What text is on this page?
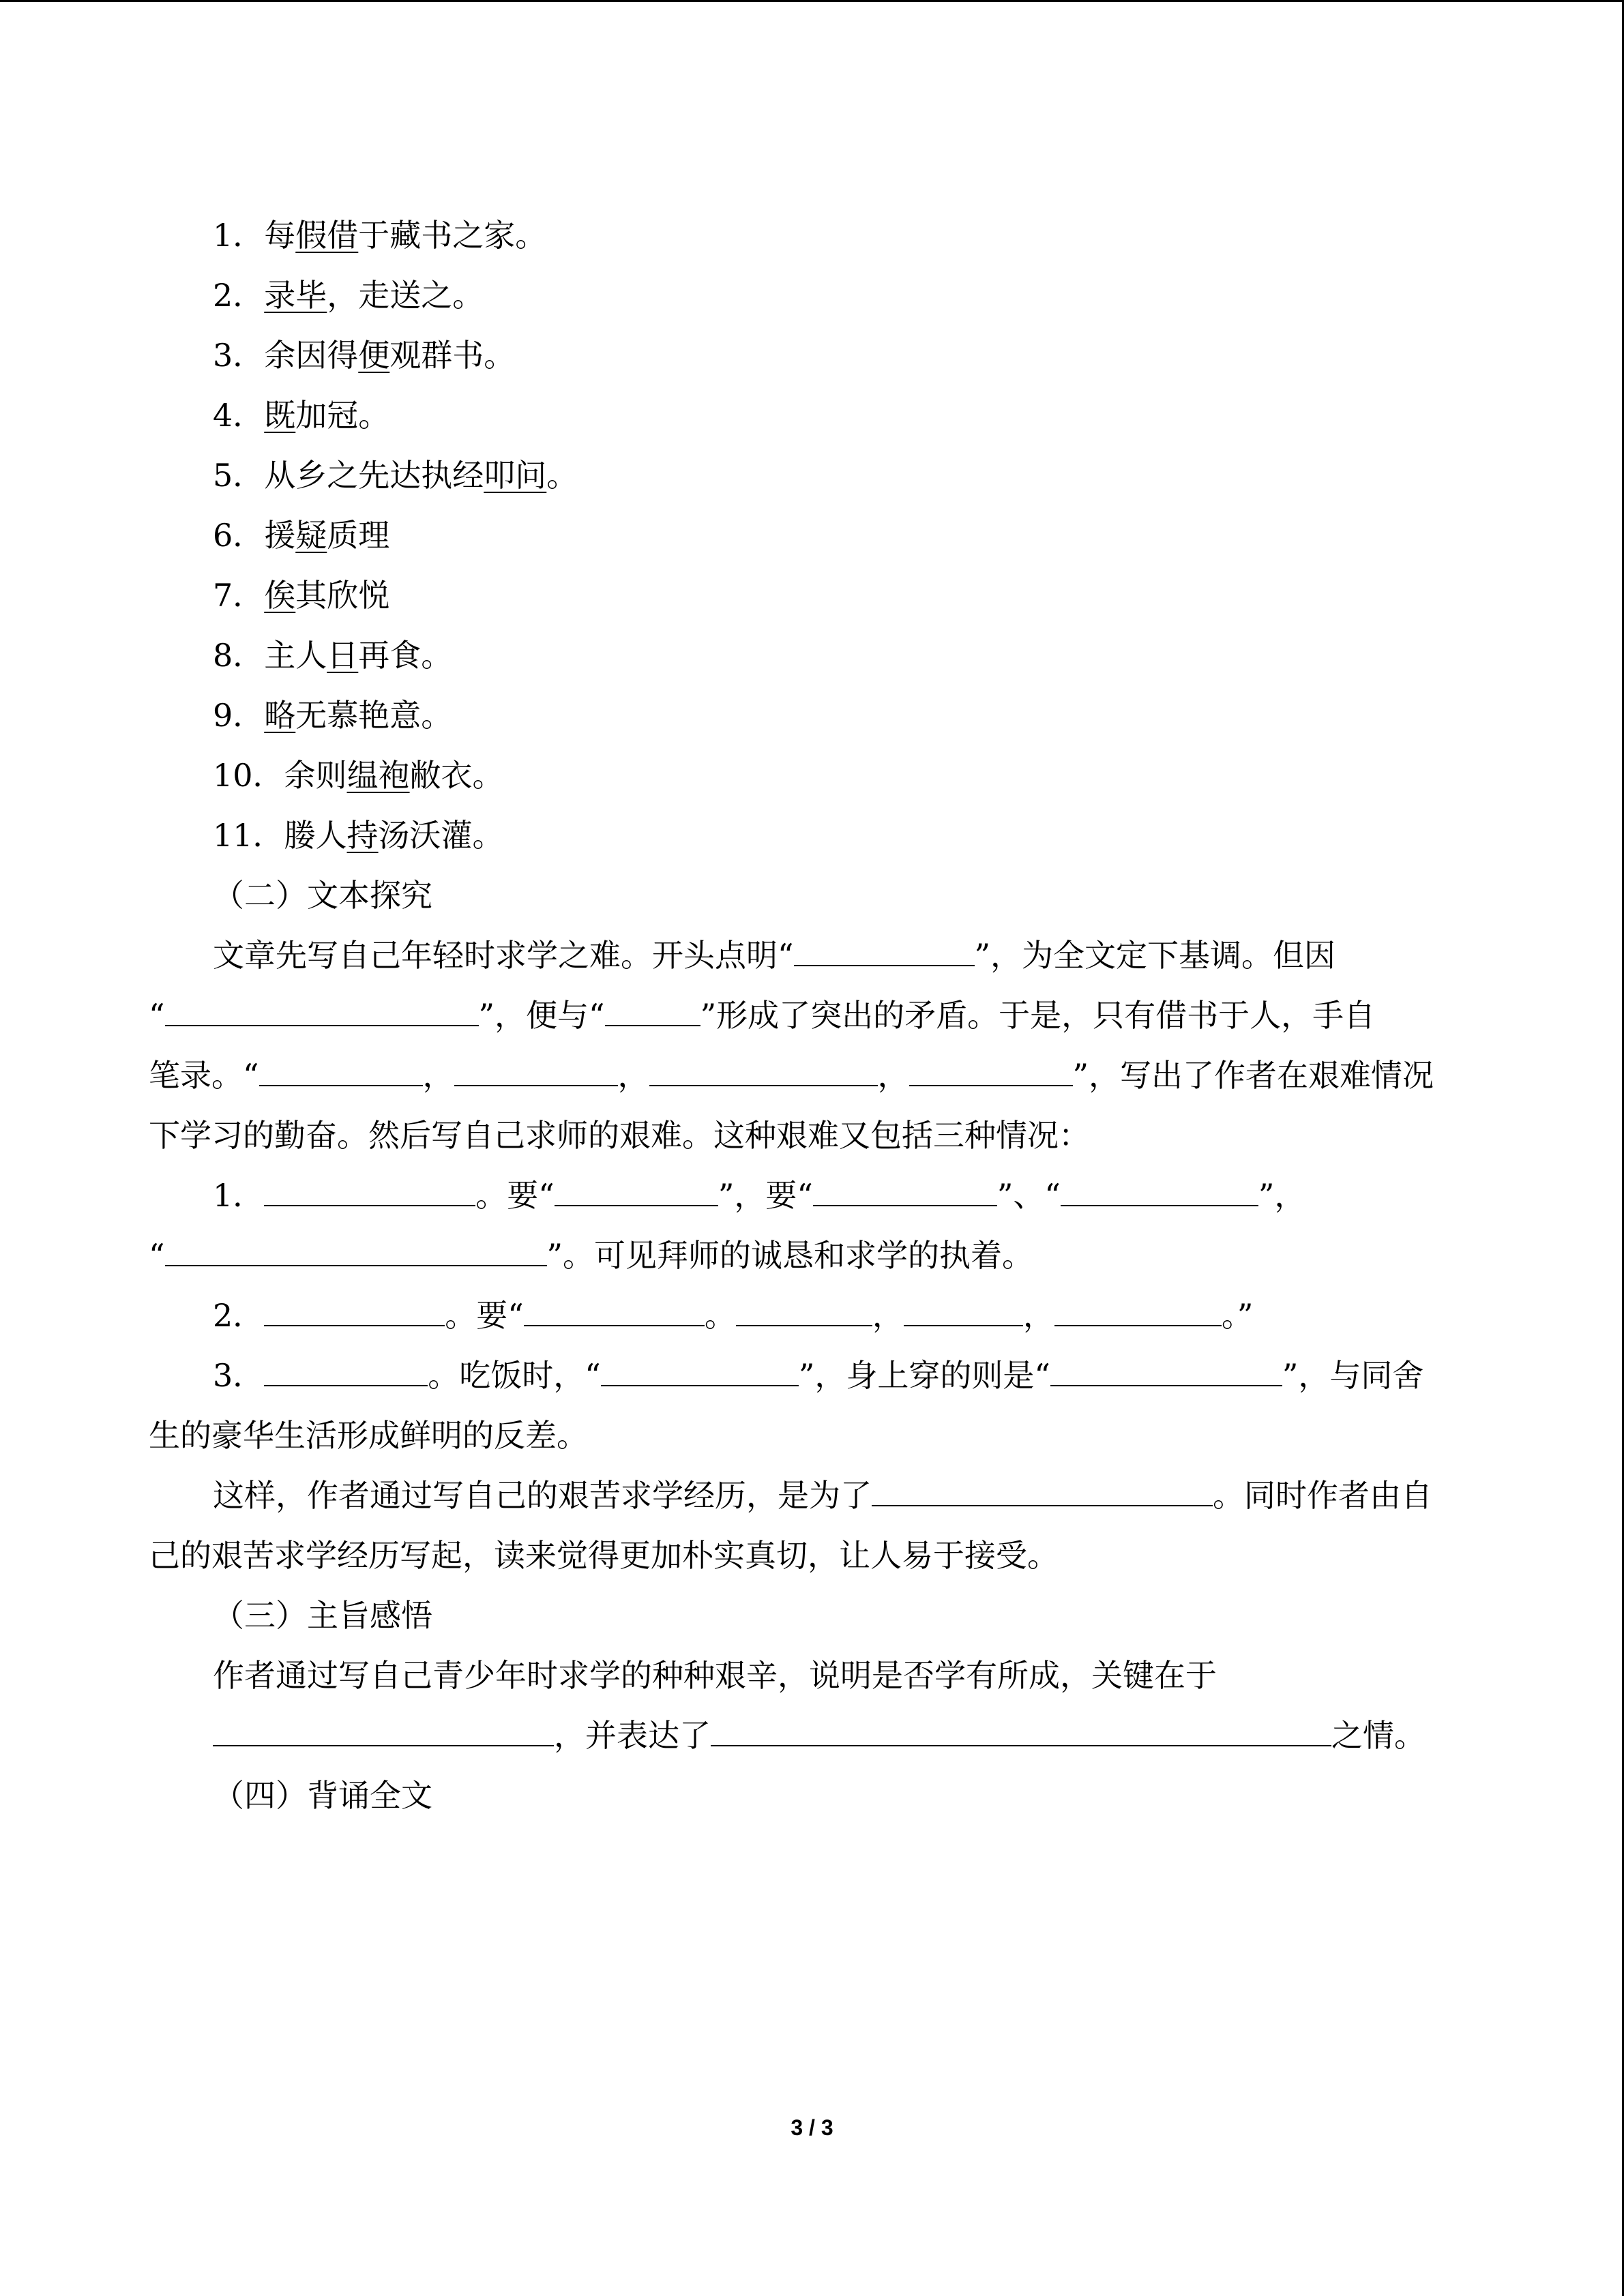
1．每假借于藏书之家。
2．录毕，走送之。
3．余因得便观群书。
4．既加冠。
5．从乡之先达执经叩问。
6．援疑质理
7．俟其欣悦
8．主人日再食。
9．略无慕艳意。
10．余则缊袍敝衣。
11．媵人持汤沃灌。
（二）文本探究
文章先写自己年轻时求学之难。开头点明“	”，为全文定下基调。但因
“	”，便与“	”形成了突出的矛盾。于是，只有借书于人，手自
笔录。“	，	，	，	”，写出了作者在艰难情况
下学习的勤奋。然后写自己求师的艰难。这种艰难又包括三种情况：
1．	。要“	”，要“	”、“	”，
“	”。可见拜师的诚恳和求学的执着。
2．	。要“	。	，	，	。”
3．	。吃饭时，“	”，身上穿的则是“	”，与同舍
生的豪华生活形成鲜明的反差。
这样，作者通过写自己的艰苦求学经历，是为了	。同时作者由自
己的艰苦求学经历写起，读来觉得更加朴实真切，让人易于接受。
（三）主旨感悟
作者通过写自己青少年时求学的种种艰辛，说明是否学有所成，关键在于
，并表达了	之情。
（四）背诵全文
3 / 3
